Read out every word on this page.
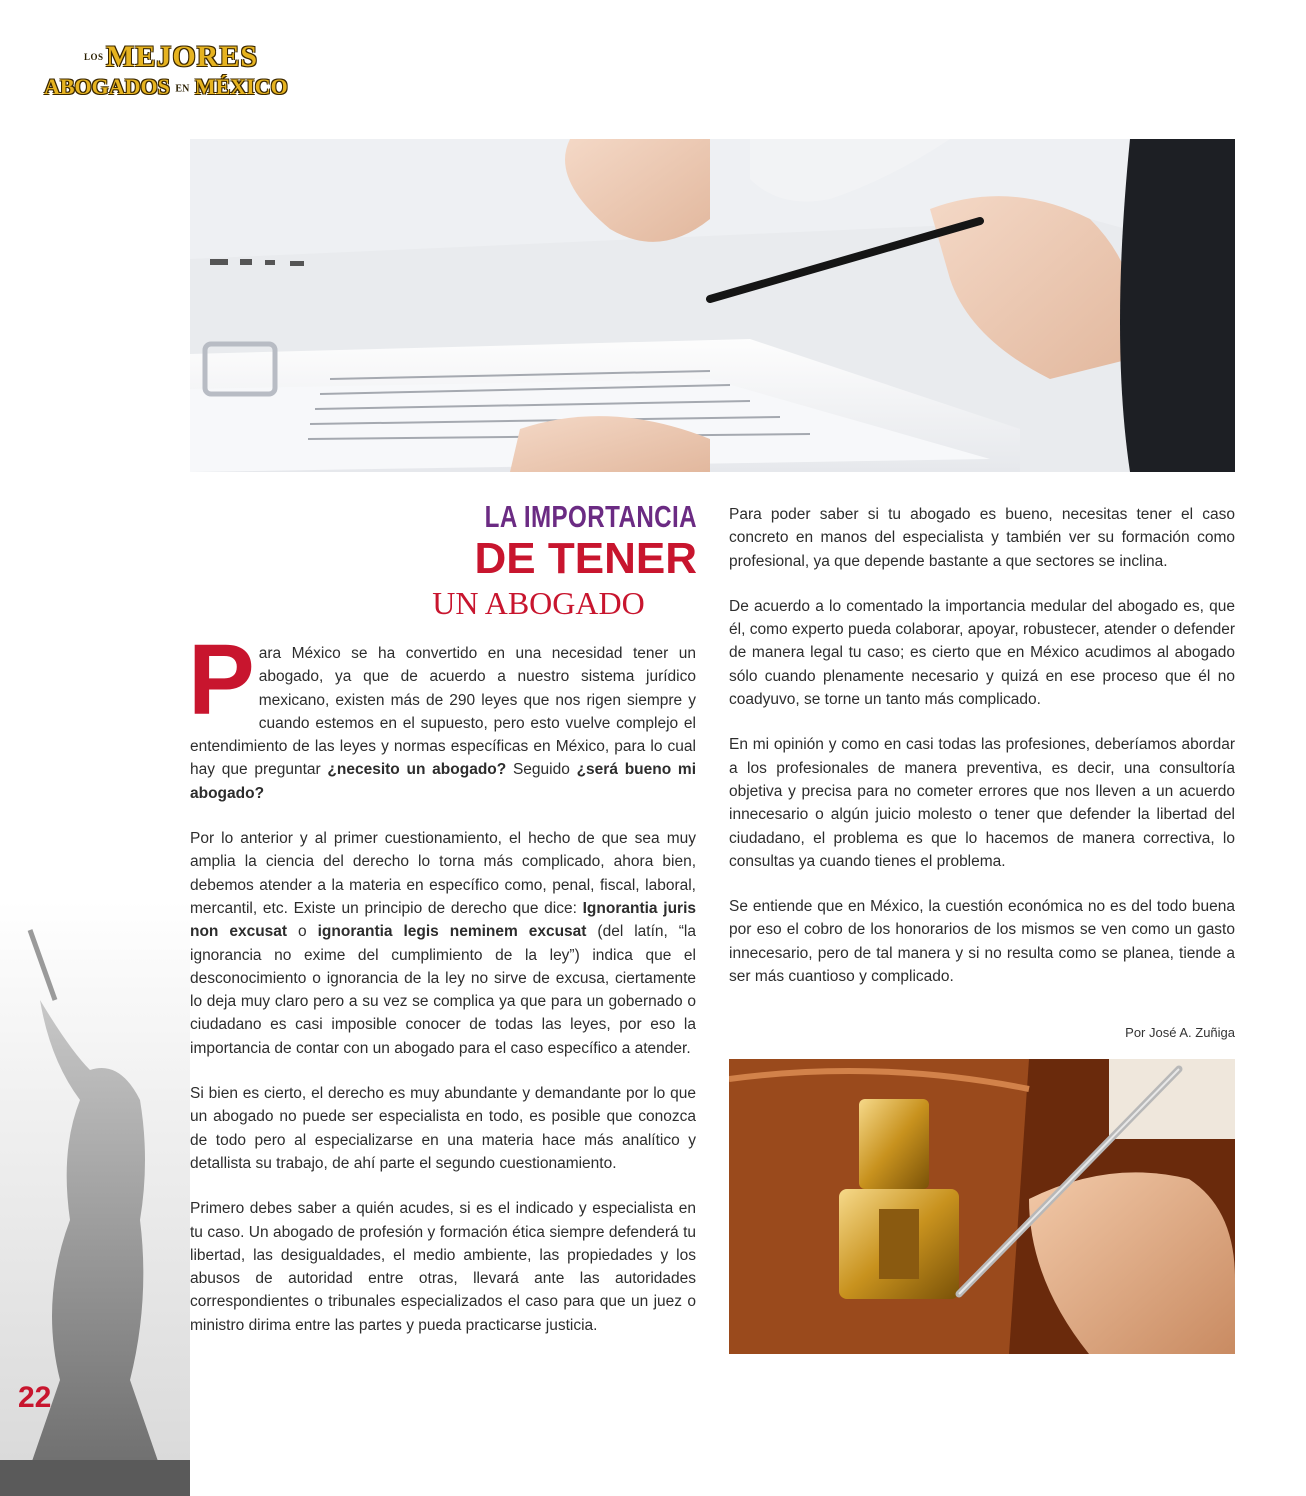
LOS MEJORES
ABOGADOS EN MÉXICO
LA IMPORTANCIA
DE TENER
UN ABOGADO

Para México se ha convertido en una necesidad tener un abogado, ya que de acuerdo a nuestro sistema jurídico mexicano, existen más de 290 leyes que nos rigen siempre y cuando estemos en el supuesto, pero esto vuelve complejo el entendimiento de las leyes y normas específicas en México, para lo cual hay que preguntar ¿necesito un abogado? Seguido ¿será bueno mi abogado?

Por lo anterior y al primer cuestionamiento, el hecho de que sea muy amplia la ciencia del derecho lo torna más complicado, ahora bien, debemos atender a la materia en específico como, penal, fiscal, laboral, mercantil, etc. Existe un principio de derecho que dice: Ignorantia juris non excusat o ignorantia legis neminem excusat (del latín, “la ignorancia no exime del cumplimiento de la ley”) indica que el desconocimiento o ignorancia de la ley no sirve de excusa, ciertamente lo deja muy claro pero a su vez se complica ya que para un gobernado o ciudadano es casi imposible conocer de todas las leyes, por eso la importancia de contar con un abogado para el caso específico a atender.

Si bien es cierto, el derecho es muy abundante y demandante por lo que un abogado no puede ser especialista en todo, es posible que conozca de todo pero al especializarse en una materia hace más analítico y detallista su trabajo, de ahí parte el segundo cuestionamiento.

Primero debes saber a quién acudes, si es el indicado y especialista en tu caso. Un abogado de profesión y formación ética siempre defenderá tu libertad, las desigualdades, el medio ambiente, las propiedades y los abusos de autoridad entre otras, llevará ante las autoridades correspondientes o tribunales especializados el caso para que un juez o ministro dirima entre las partes y pueda practicarse justicia.

Para poder saber si tu abogado es bueno, necesitas tener el caso concreto en manos del especialista y también ver su formación como profesional, ya que depende bastante a que sectores se inclina.

De acuerdo a lo comentado la importancia medular del abogado es, que él, como experto pueda colaborar, apoyar, robustecer, atender o defender de manera legal tu caso; es cierto que en México acudimos al abogado sólo cuando plenamente necesario y quizá en ese proceso que él no coadyuvo, se torne un tanto más complicado.

En mi opinión y como en casi todas las profesiones, deberíamos abordar a los profesionales de manera preventiva, es decir, una consultoría objetiva y precisa para no cometer errores que nos lleven a un acuerdo innecesario o algún juicio molesto o tener que defender la libertad del ciudadano, el problema es que lo hacemos de manera correctiva, lo consultas ya cuando tienes el problema.

Se entiende que en México, la cuestión económica no es del todo buena por eso el cobro de los honorarios de los mismos se ven como un gasto innecesario, pero de tal manera y si no resulta como se planea, tiende a ser más cuantioso y complicado.

Por José A. Zuñiga
22
